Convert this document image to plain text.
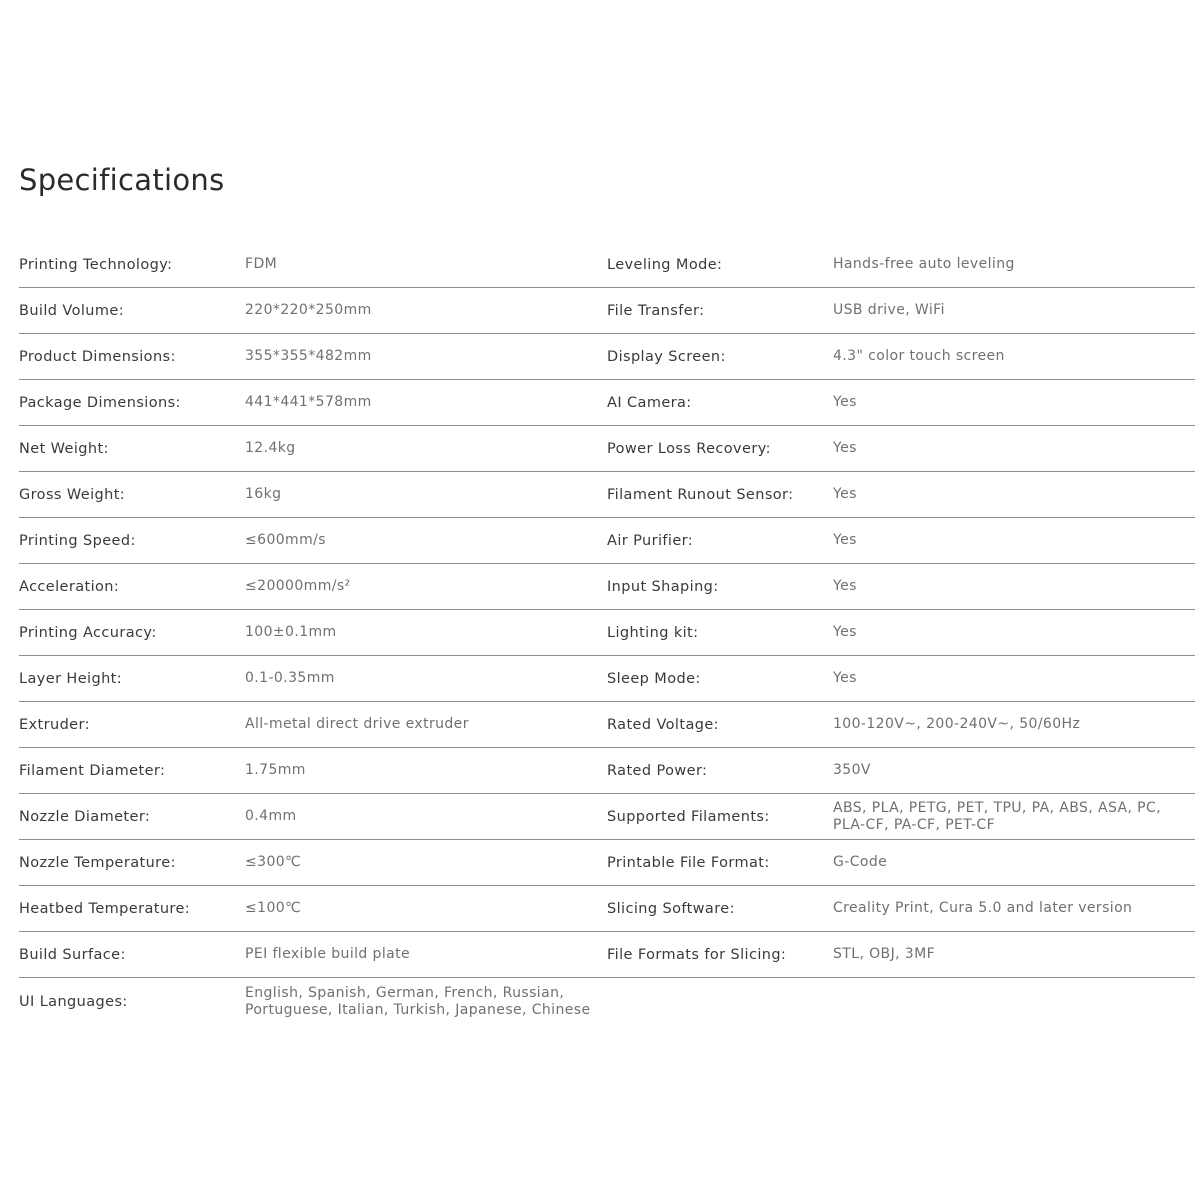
Specifications
Printing Technology:	FDM	Leveling Mode:	Hands-free auto leveling
Build Volume:	220*220*250mm	File Transfer:	USB drive, WiFi
Product Dimensions:	355*355*482mm	Display Screen:	4.3" color touch screen
Package Dimensions:	441*441*578mm	AI Camera:	Yes
Net Weight:	12.4kg	Power Loss Recovery:	Yes
Gross Weight:	16kg	Filament Runout Sensor:	Yes
Printing Speed:	≤600mm/s	Air Purifier:	Yes
Acceleration:	≤20000mm/s²	Input Shaping:	Yes
Printing Accuracy:	100±0.1mm	Lighting kit:	Yes
Layer Height:	0.1-0.35mm	Sleep Mode:	Yes
Extruder:	All-metal direct drive extruder	Rated Voltage:	100-120V~, 200-240V~, 50/60Hz
Filament Diameter:	1.75mm	Rated Power:	350V
Nozzle Diameter:	0.4mm	Supported Filaments:
ABS, PLA, PETG, PET, TPU, PA, ABS, ASA, PC, PLA-CF, PA-CF, PET-CF
Nozzle Temperature:	≤300℃	Printable File Format:	G-Code
Heatbed Temperature:	≤100℃	Slicing Software:	Creality Print, Cura 5.0 and later version
Build Surface:	PEI flexible build plate	File Formats for Slicing:	STL, OBJ, 3MF
UI Languages:
English, Spanish, German, French, Russian, Portuguese, Italian, Turkish, Japanese, Chinese
